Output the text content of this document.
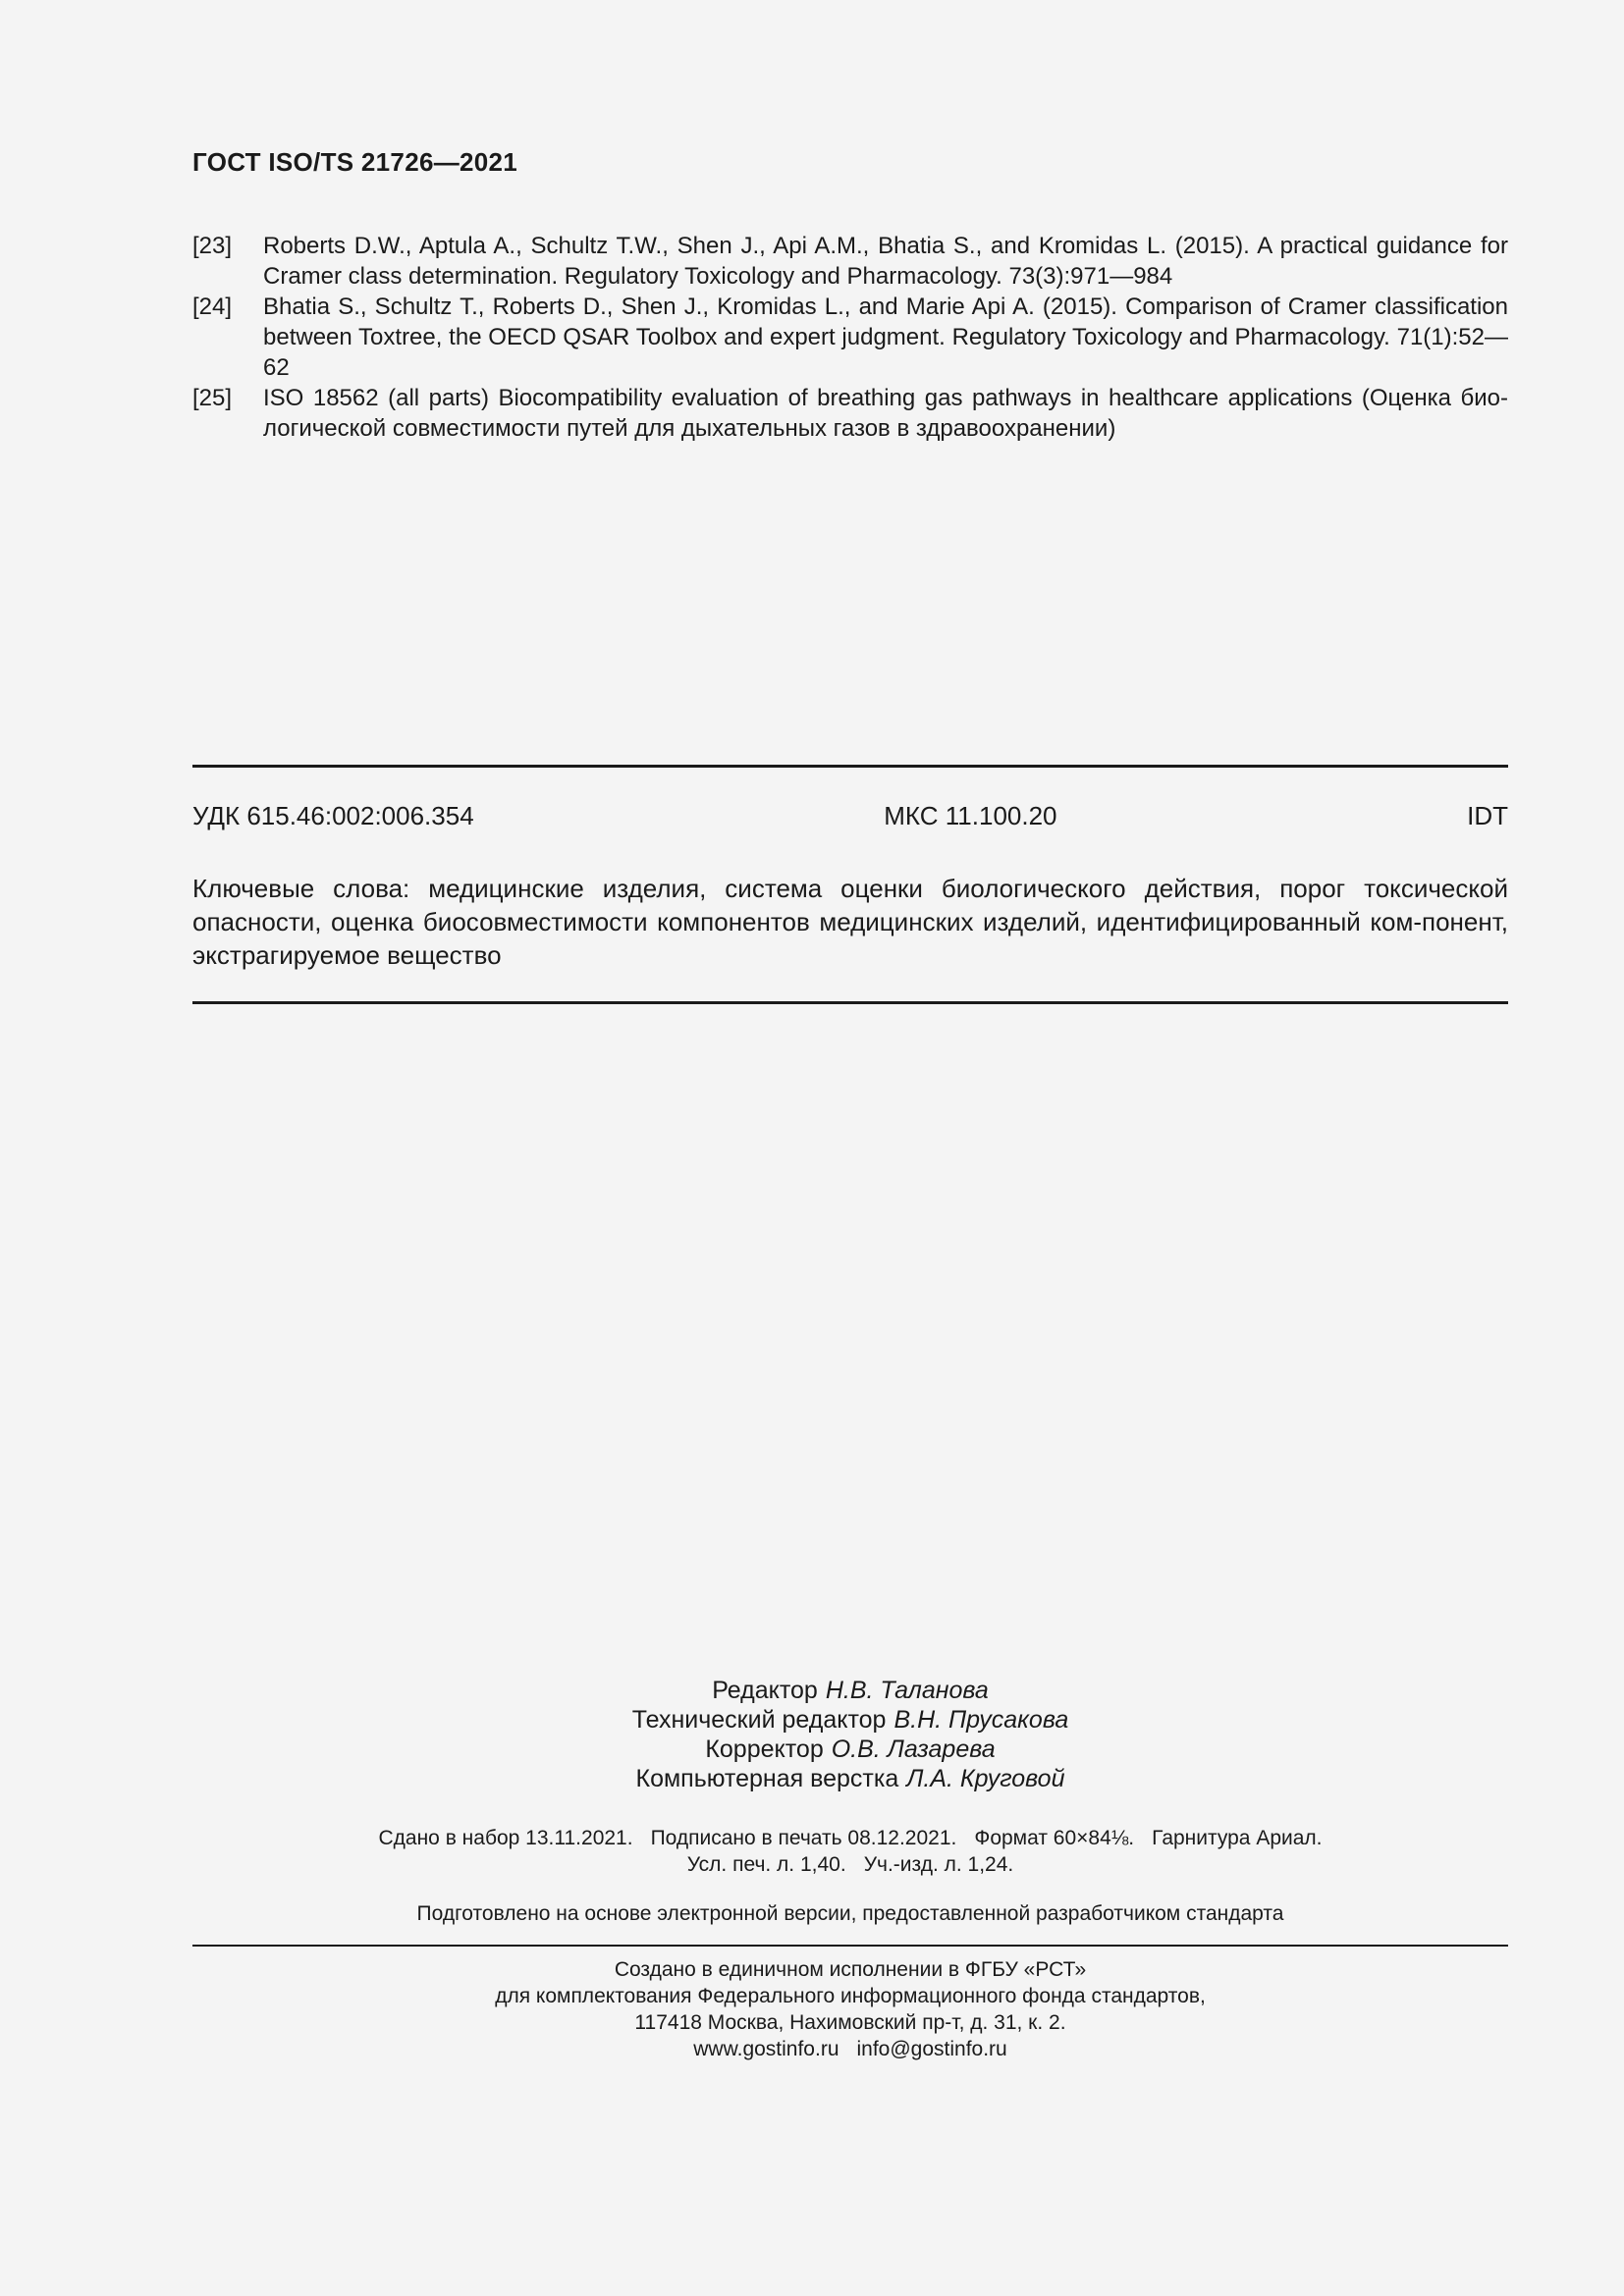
ГОСТ ISO/TS 21726—2021
[23]	Roberts D.W., Aptula A., Schultz T.W., Shen J., Api A.M., Bhatia S., and Kromidas L. (2015). A practical guidance for Cramer class determination. Regulatory Toxicology and Pharmacology. 73(3):971—984
[24]	Bhatia S., Schultz T., Roberts D., Shen J., Kromidas L., and Marie Api A. (2015). Comparison of Cramer classification between Toxtree, the OECD QSAR Toolbox and expert judgment. Regulatory Toxicology and Pharmacology. 71(1):52—62
[25]	ISO 18562 (all parts) Biocompatibility evaluation of breathing gas pathways in healthcare applications (Оценка био-логической совместимости путей для дыхательных газов в здравоохранении)
УДК 615.46:002:006.354	МКС 11.100.20	IDT
Ключевые слова: медицинские изделия, система оценки биологического действия, порог токсической опасности, оценка биосовместимости компонентов медицинских изделий, идентифицированный ком-понент, экстрагируемое вещество
Редактор Н.В. Таланова
Технический редактор В.Н. Прусакова
Корректор О.В. Лазарева
Компьютерная верстка Л.А. Круговой
Сдано в набор 13.11.2021. Подписано в печать 08.12.2021. Формат 60×84⅛. Гарнитура Ариал.
Усл. печ. л. 1,40. Уч.-изд. л. 1,24.
Подготовлено на основе электронной версии, предоставленной разработчиком стандарта
Создано в единичном исполнении в ФГБУ «РСТ»
для комплектования Федерального информационного фонда стандартов,
117418 Москва, Нахимовский пр-т, д. 31, к. 2.
www.gostinfo.ru info@gostinfo.ru
